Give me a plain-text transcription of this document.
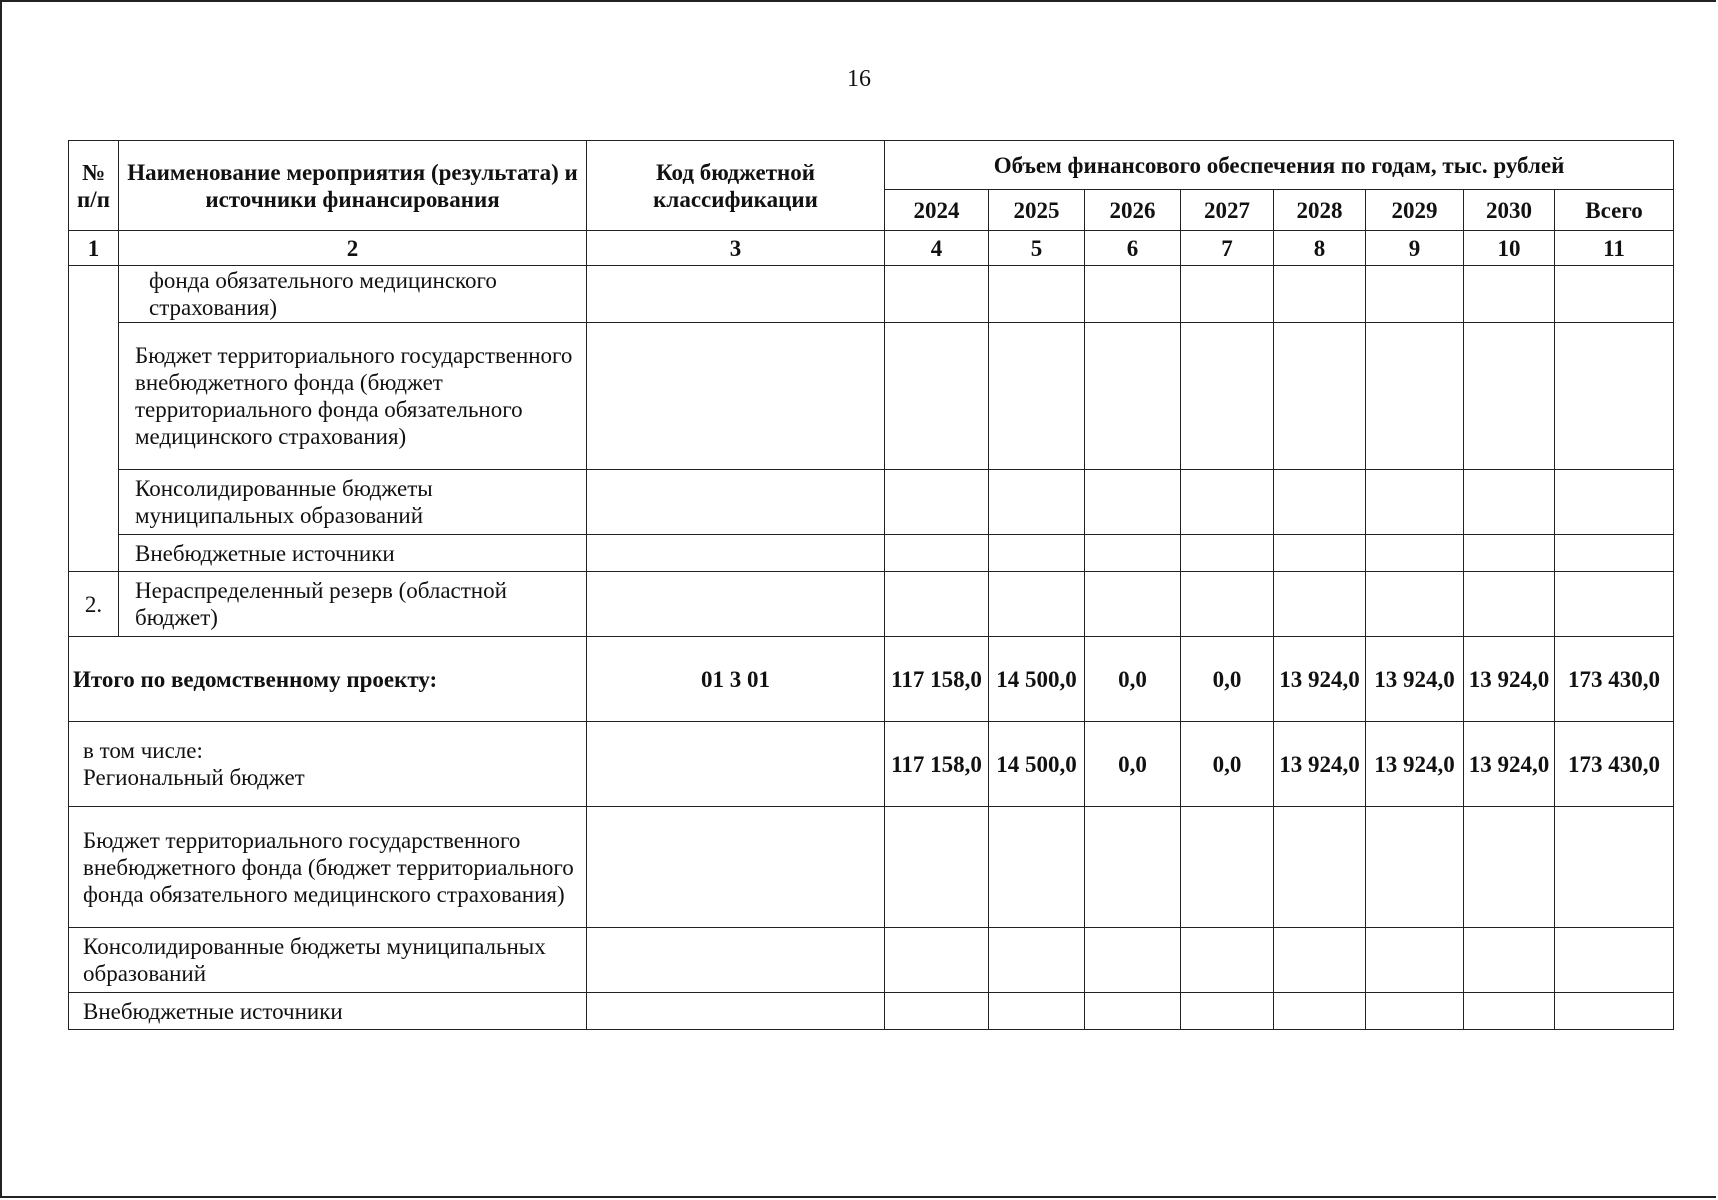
16
№
п/п	Наименование мероприятия (результата) и источники финансирования	Код бюджетной классификации	Объем финансового обеспечения по годам, тыс. рублей							
			2024	2025	2026	2027	2028	2029	2030	Всего
1	2	3	4	5	6	7	8	9	10	11
	фонда обязательного медицинского страхования)									
	Бюджет территориального государственного внебюджетного фонда (бюджет территориального фонда обязательного медицинского страхования)									
	Консолидированные бюджеты муниципальных образований									
	Внебюджетные источники									
2.	Нераспределенный резерв (областной бюджет)									
Итого по ведомственному проекту:		01 3 01	117 158,0	14 500,0	0,0	0,0	13 924,0	13 924,0	13 924,0	173 430,0

в том числе:
Региональный бюджет			117 158,0	14 500,0	0,0	0,0	13 924,0	13 924,0	13 924,0	173 430,0
Бюджет территориального государственного внебюджетного фонда (бюджет территориального фонда обязательного медицинского страхования)										
Консолидированные бюджеты муниципальных образований										
Внебюджетные источники										
